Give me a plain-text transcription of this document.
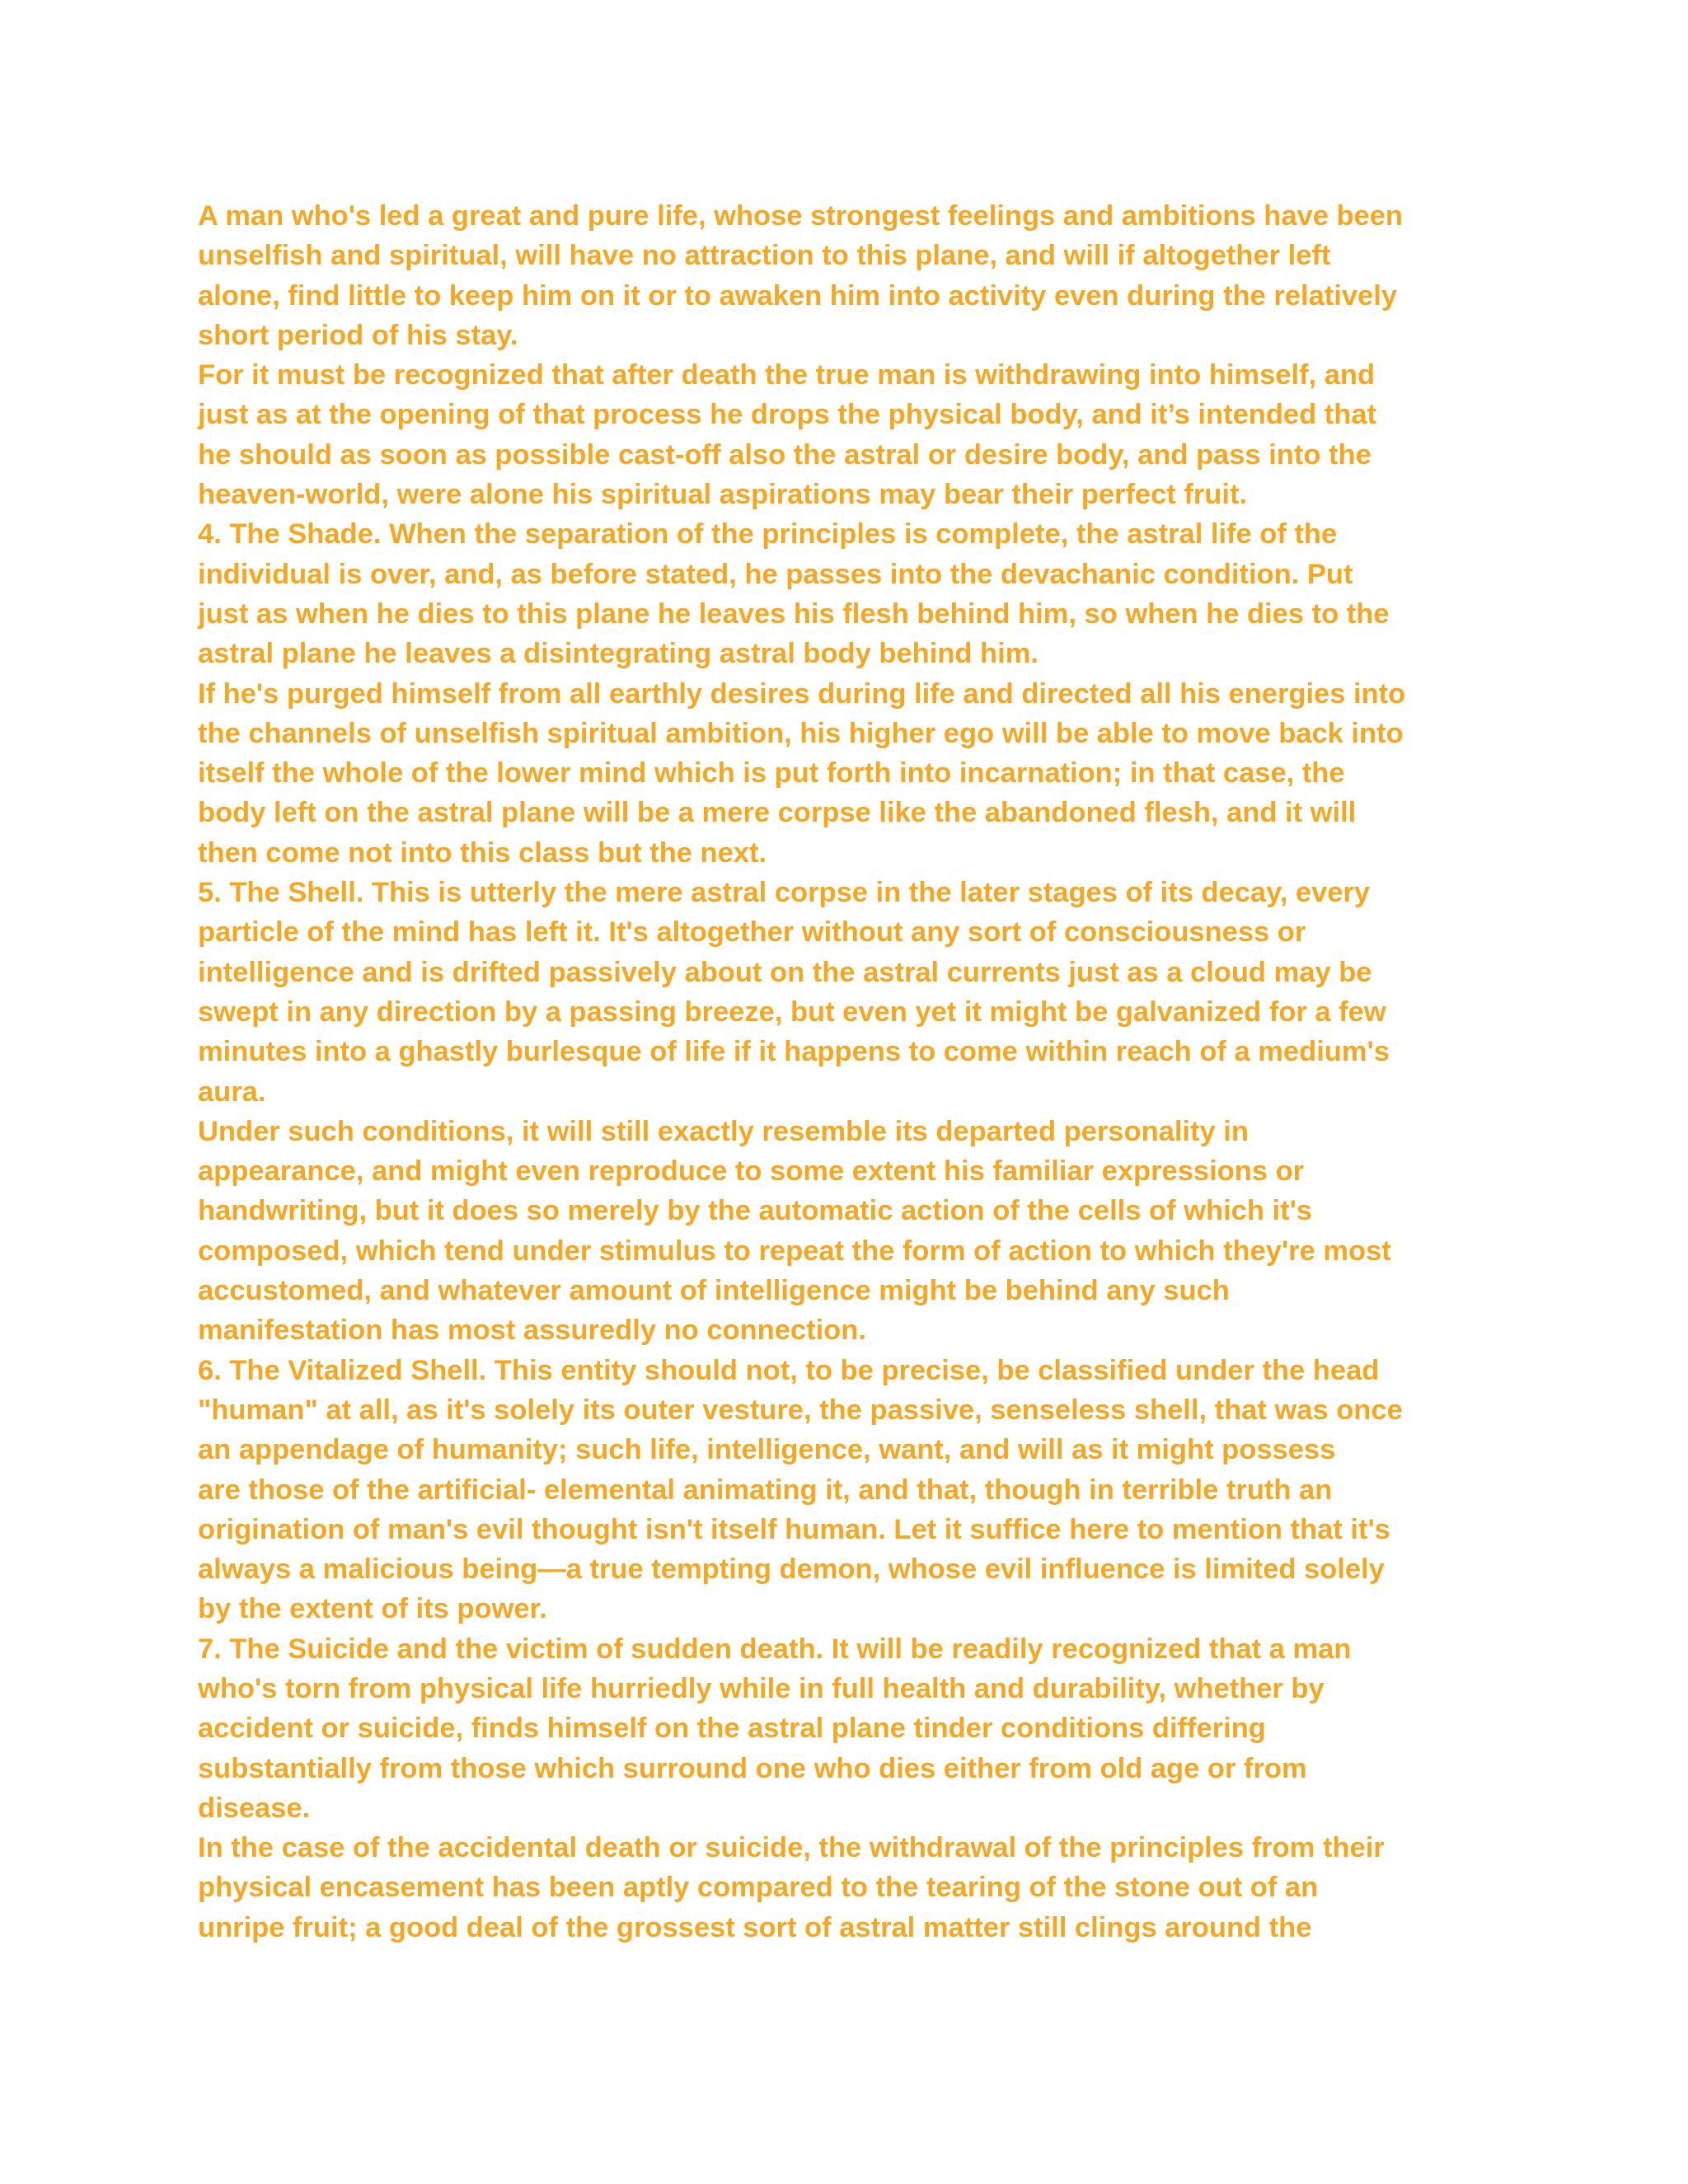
A man who's led a great and pure life, whose strongest feelings and ambitions have been
unselfish and spiritual, will have no attraction to this plane, and will if altogether left
alone, find little to keep him on it or to awaken him into activity even during the relatively
short period of his stay.
For it must be recognized that after death the true man is withdrawing into himself, and
just as at the opening of that process he drops the physical body, and it’s intended that
he should as soon as possible cast-off also the astral or desire body, and pass into the
heaven-world, were alone his spiritual aspirations may bear their perfect fruit.
4. The Shade. When the separation of the principles is complete, the astral life of the
individual is over, and, as before stated, he passes into the devachanic condition. Put
just as when he dies to this plane he leaves his flesh behind him, so when he dies to the
astral plane he leaves a disintegrating astral body behind him.
If he's purged himself from all earthly desires during life and directed all his energies into
the channels of unselfish spiritual ambition, his higher ego will be able to move back into
itself the whole of the lower mind which is put forth into incarnation; in that case, the
body left on the astral plane will be a mere corpse like the abandoned flesh, and it will
then come not into this class but the next.
5. The Shell. This is utterly the mere astral corpse in the later stages of its decay, every
particle of the mind has left it. It's altogether without any sort of consciousness or
intelligence and is drifted passively about on the astral currents just as a cloud may be
swept in any direction by a passing breeze, but even yet it might be galvanized for a few
minutes into a ghastly burlesque of life if it happens to come within reach of a medium's
aura.
Under such conditions, it will still exactly resemble its departed personality in
appearance, and might even reproduce to some extent his familiar expressions or
handwriting, but it does so merely by the automatic action of the cells of which it's
composed, which tend under stimulus to repeat the form of action to which they're most
accustomed, and whatever amount of intelligence might be behind any such
manifestation has most assuredly no connection.
6. The Vitalized Shell. This entity should not, to be precise, be classified under the head
"human" at all, as it's solely its outer vesture, the passive, senseless shell, that was once
an appendage of humanity; such life, intelligence, want, and will as it might possess
are those of the artificial- elemental animating it, and that, though in terrible truth an
origination of man's evil thought isn't itself human. Let it suffice here to mention that it's
always a malicious being—a true tempting demon, whose evil influence is limited solely
by the extent of its power.
7. The Suicide and the victim of sudden death. It will be readily recognized that a man
who's torn from physical life hurriedly while in full health and durability, whether by
accident or suicide, finds himself on the astral plane tinder conditions differing
substantially from those which surround one who dies either from old age or from
disease.
In the case of the accidental death or suicide, the withdrawal of the principles from their
physical encasement has been aptly compared to the tearing of the stone out of an
unripe fruit; a good deal of the grossest sort of astral matter still clings around the
